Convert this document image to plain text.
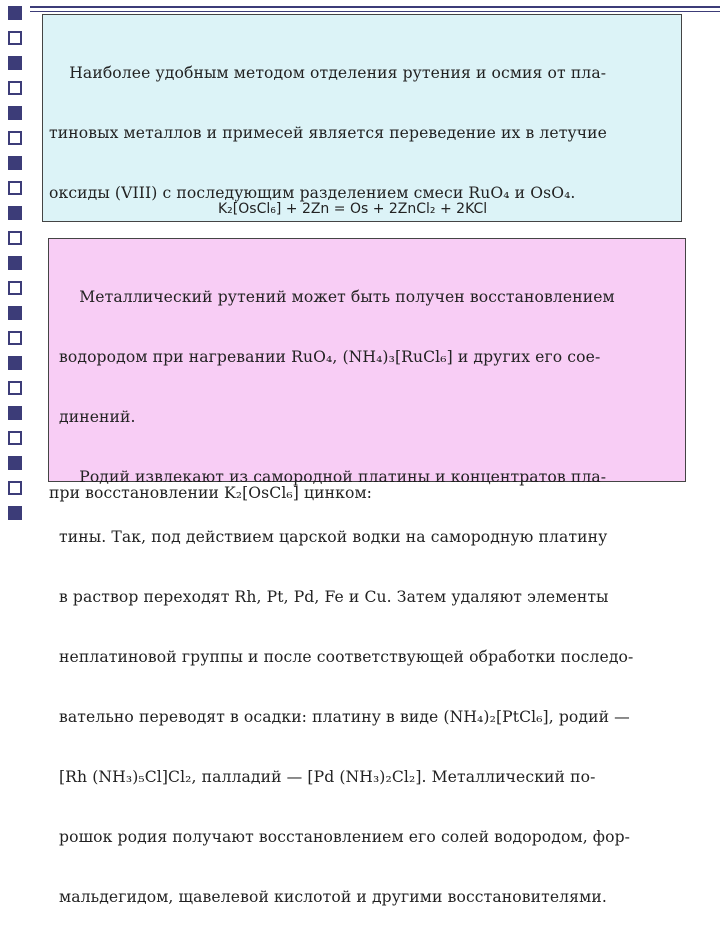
Наиболее удобным методом отделения рутения и осмия от пла-

тиновых металлов и примесей является переведение их в летучие

оксиды (VIII) с последующим разделением смеси RuO₄ и OsO₄.

при восстановлении K₂[OsCl₆] цинком:

K₂[OsCl₆] + 2Zn = Os + 2ZnCl₂ + 2KCl

Металлический рутений может быть получен восстановлением

водородом при нагревании RuO₄, (NH₄)₃[RuCl₆] и других его сое-

динений.

Родий извлекают из самородной платины и концентратов пла-

тины. Так, под действием царской водки на самородную платину

в раствор переходят Rh, Pt, Pd, Fe и Cu. Затем удаляют элементы

неплатиновой группы и после соответствующей обработки последо-

вательно переводят в осадки: платину в виде (NH₄)₂[PtCl₆], родий —

[Rh (NH₃)₅Cl]Cl₂, палладий — [Pd (NH₃)₂Cl₂]. Металлический по-

рошок родия получают восстановлением его солей водородом, фор-

мальдегидом, щавелевой кислотой и другими восстановителями.
